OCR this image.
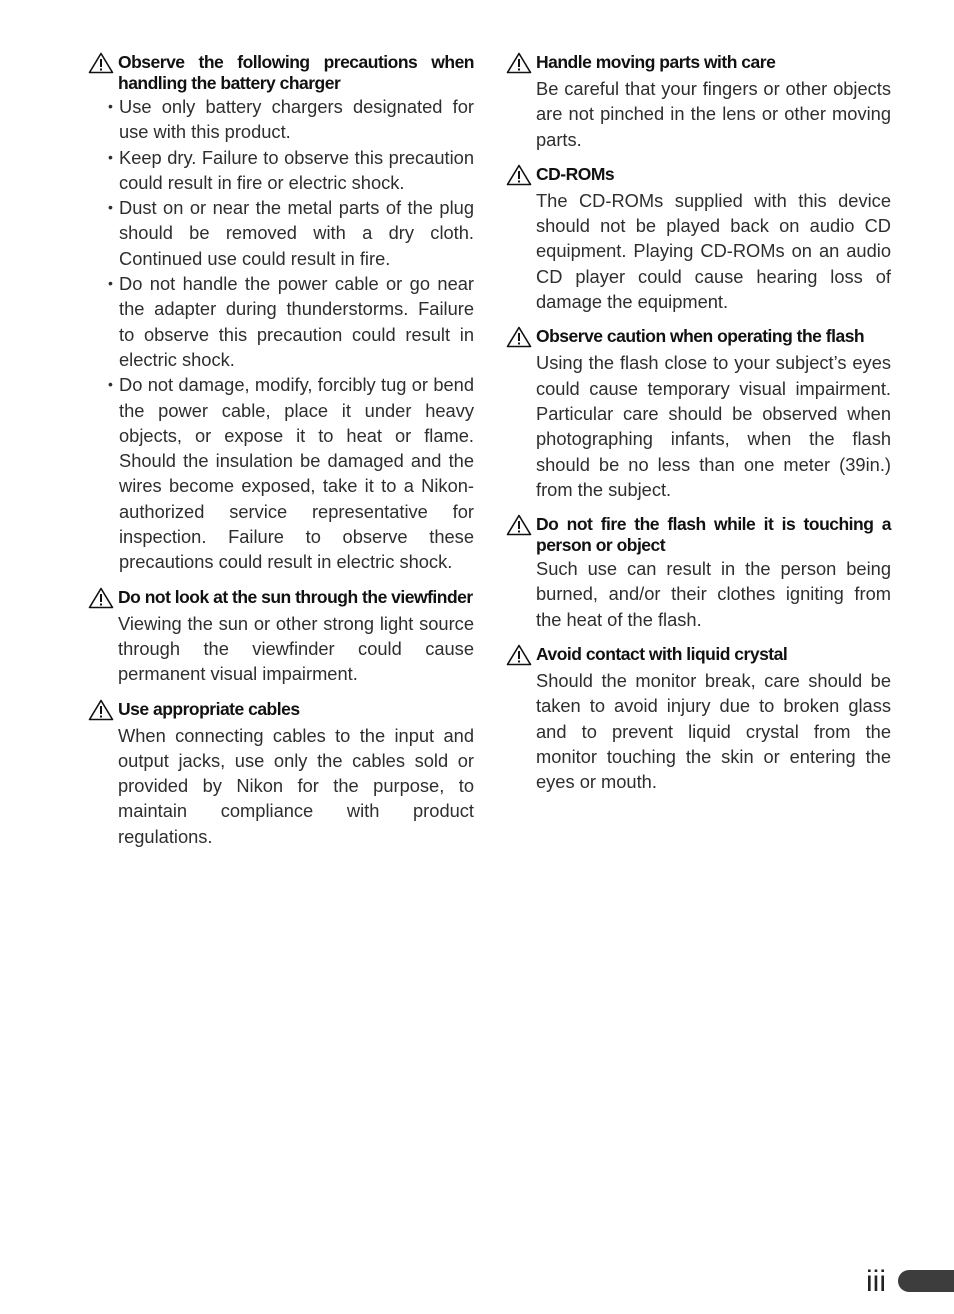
Observe the following precautions when handling the battery charger
• Use only battery chargers designated for use with this product.
• Keep dry. Failure to observe this precaution could result in fire or electric shock.
• Dust on or near the metal parts of the plug should be removed with a dry cloth. Continued use could result in fire.
• Do not handle the power cable or go near the adapter during thunderstorms. Failure to observe this precaution could result in electric shock.
• Do not damage, modify, forcibly tug or bend the power cable, place it under heavy objects, or expose it to heat or flame. Should the insulation be damaged and the wires become exposed, take it to a Nikon-authorized service representative for inspection. Failure to observe these precautions could result in electric shock.
Do not look at the sun through the viewfinder
Viewing the sun or other strong light source through the viewfinder could cause permanent visual impairment.
Use appropriate cables
When connecting cables to the input and output jacks, use only the cables sold or provided by Nikon for the purpose, to maintain compliance with product regulations.
Handle moving parts with care
Be careful that your fingers or other objects are not pinched in the lens or other moving parts.
CD-ROMs
The CD-ROMs supplied with this device should not be played back on audio CD equipment. Playing CD-ROMs on an audio CD player could cause hearing loss of damage the equipment.
Observe caution when operating the flash
Using the flash close to your subject’s eyes could cause temporary visual impairment. Particular care should be observed when photographing infants, when the flash should be no less than one meter (39in.) from the subject.
Do not fire the flash while it is touching a person or object
Such use can result in the person being burned, and/or their clothes igniting from the heat of the flash.
Avoid contact with liquid crystal
Should the monitor break, care should be taken to avoid injury due to broken glass and to prevent liquid crystal from the monitor touching the skin or entering the eyes or mouth.
iii
